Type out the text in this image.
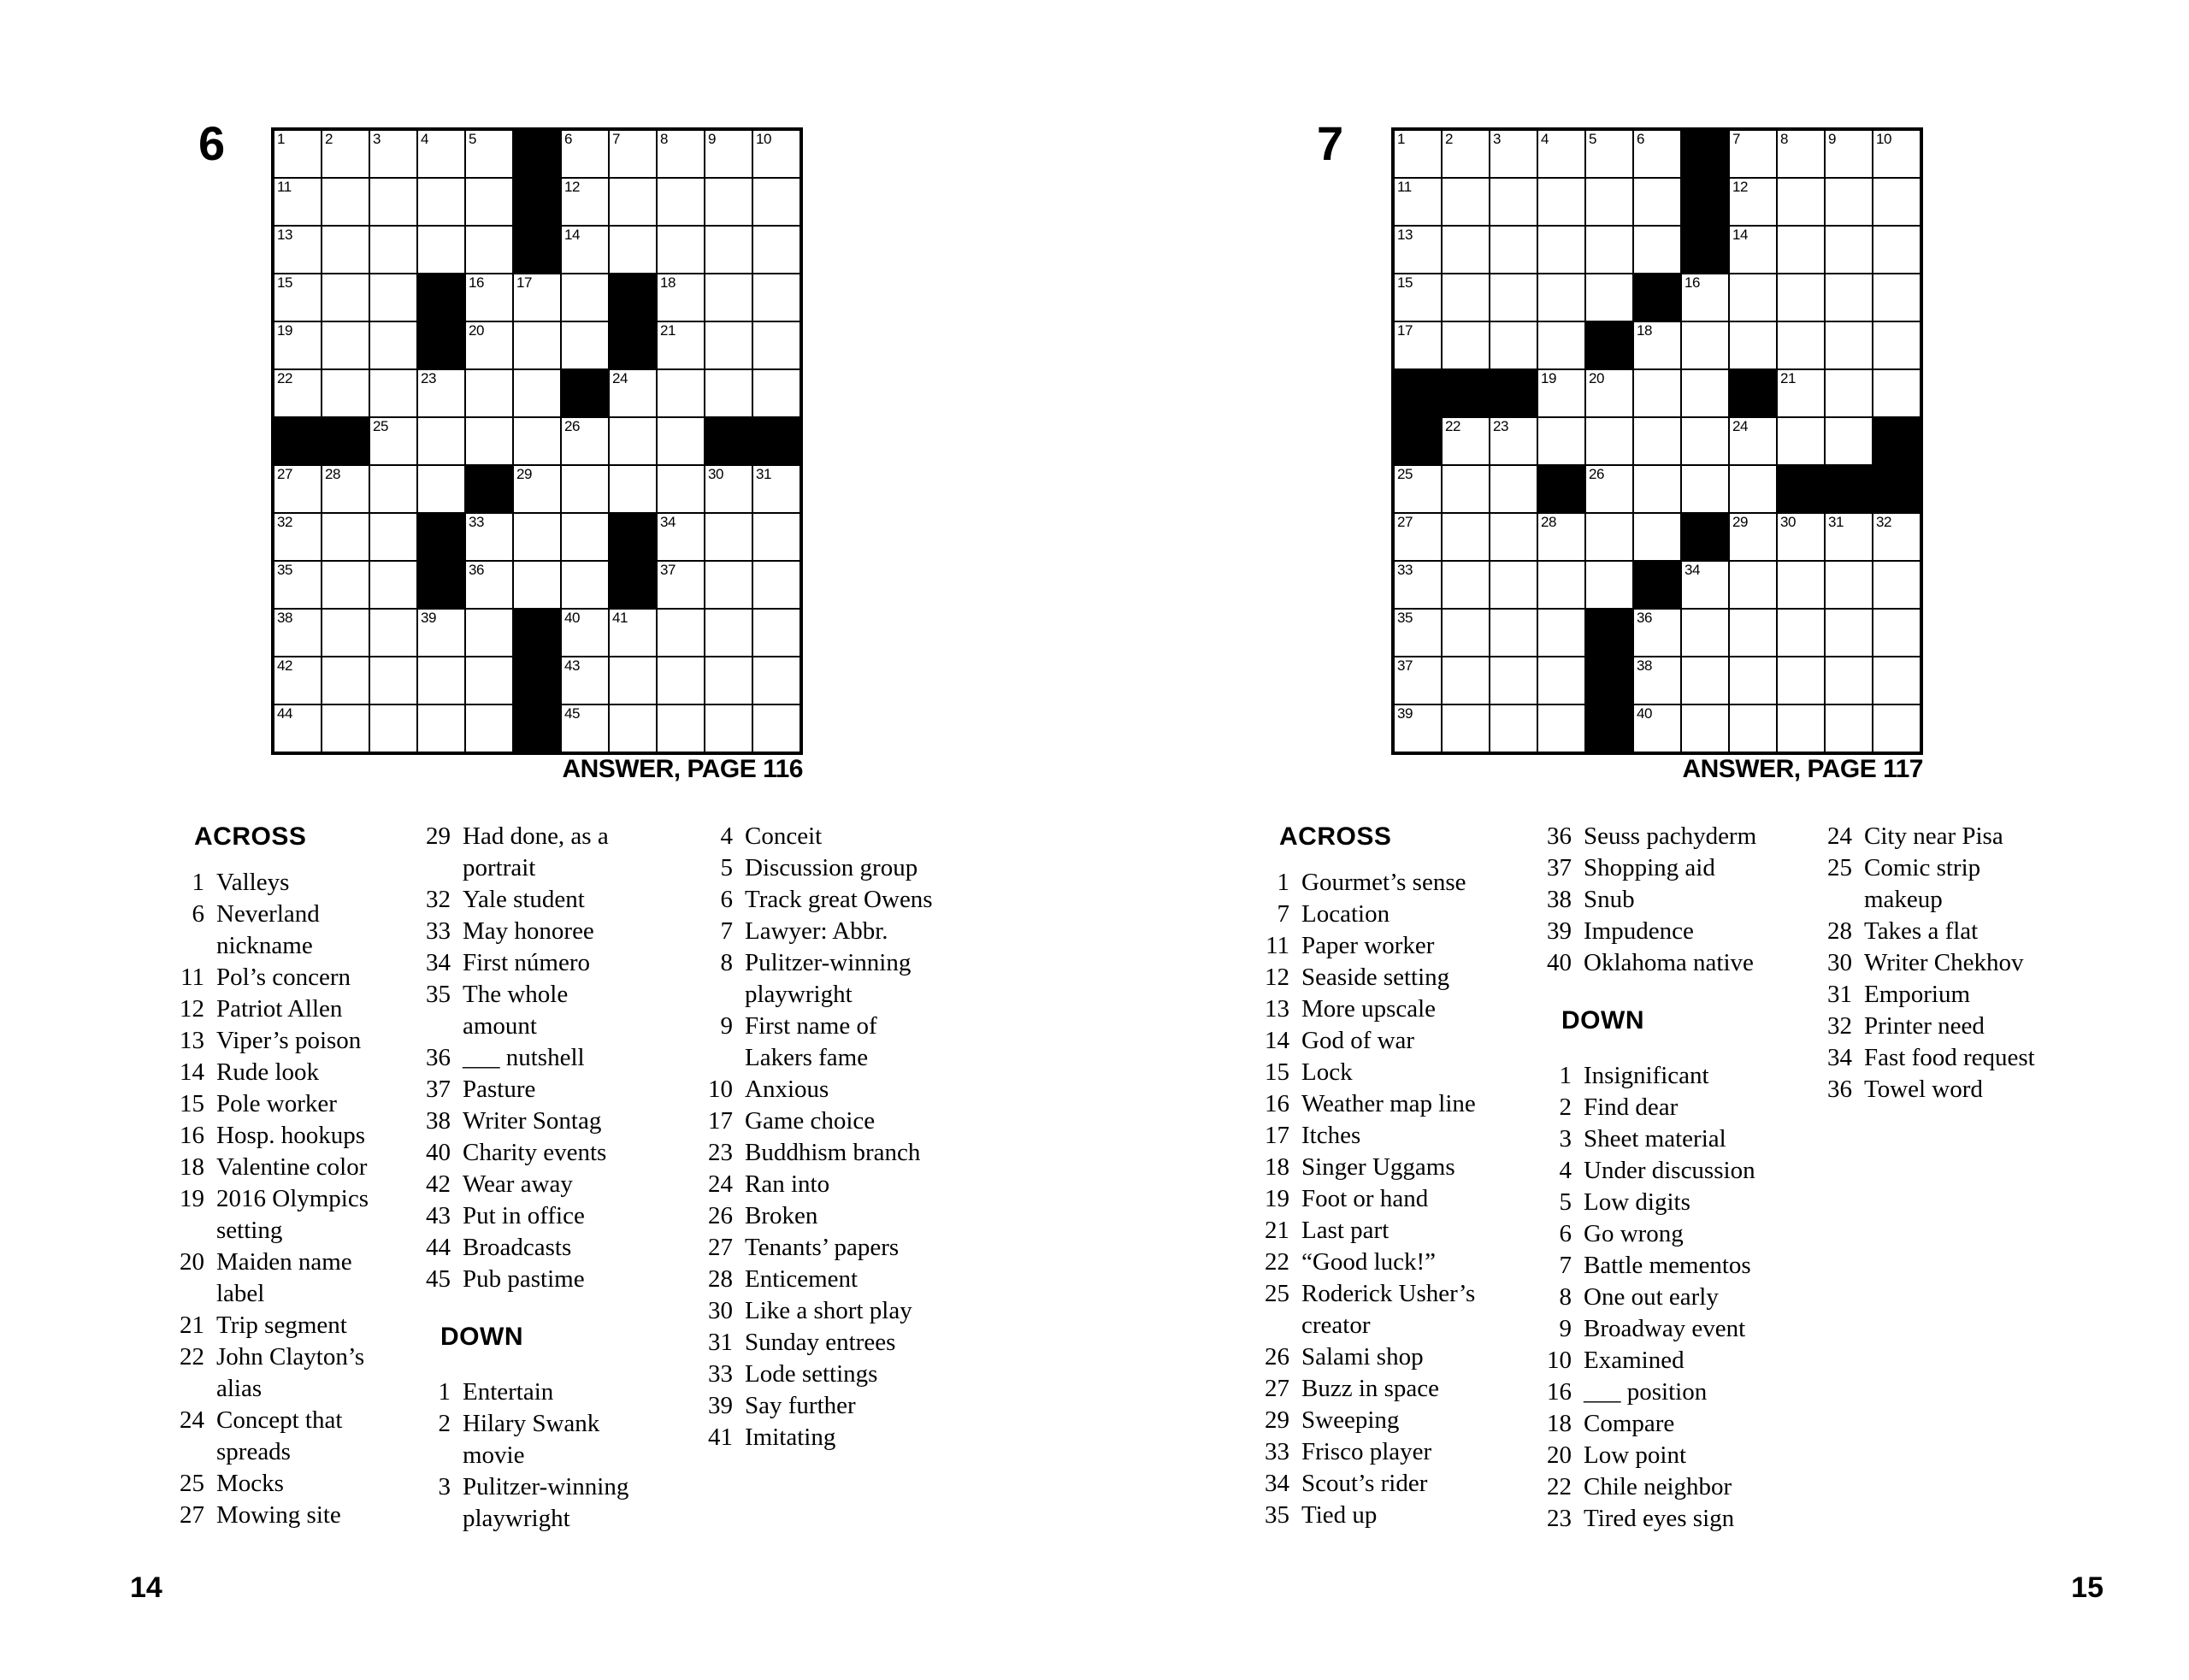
6	1	2	3	4	5	6	7	8	9	10
11	12
13	14
15	16 17	18
19	20	21
22	23	24
25	26
27 28	29	30 31
32	33	34
35	36	37
38	39	40 41
42	43
44	45
ANSWER, PAGE 116
ACROSS
1 Valleys
6 Neverland
nickname
11 Pol’s concern
12 Patriot Allen
13 Viper’s poison
14 Rude look
15 Pole worker
16 Hosp. hookups
18 Valentine color
19 2016 Olympics
setting
20 Maiden name
label
21 Trip segment
22 John Clayton’s
alias
24 Concept that
spreads
25 Mocks
27 Mowing site
29 Had done, as a
portrait
32 Yale student
33 May honoree
34 First número
35 The whole
amount
36 ___ nutshell
37 Pasture
38 Writer Sontag
40 Charity events
42 Wear away
43 Put in office
44 Broadcasts
45 Pub pastime
DOWN
1 Entertain
2 Hilary Swank
movie
3 Pulitzer-winning
playwright
4 Conceit
5 Discussion group
6 Track great Owens
7 Lawyer: Abbr.
8 Pulitzer-winning
playwright
9 First name of
Lakers fame
10 Anxious
17 Game choice
23 Buddhism branch
24 Ran into
26 Broken
27 Tenants’ papers
28 Enticement
30 Like a short play
31 Sunday entrees
33 Lode settings
39 Say further
41 Imitating
14
7	1	2	3	4	5	6	7	8	9	10
11	12
13	14
15	16
17	18
19 20	21
22 23	24
25	26
27	28	29 30 31 32
33	34
35	36
37	38
39	40
ANSWER, PAGE 117
ACROSS
1 Gourmet’s sense
7 Location
11 Paper worker
12 Seaside setting
13 More upscale
14 God of war
15 Lock
16 Weather map line
17 Itches
18 Singer Uggams
19 Foot or hand
21 Last part
22 “Good luck!”
25 Roderick Usher’s
creator
26 Salami shop
27 Buzz in space
29 Sweeping
33 Frisco player
34 Scout’s rider
35 Tied up
36 Seuss pachyderm
37 Shopping aid
38 Snub
39 Impudence
40 Oklahoma native
DOWN
1 Insignificant
2 Find dear
3 Sheet material
4 Under discussion
5 Low digits
6 Go wrong
7 Battle mementos
8 One out early
9 Broadway event
10 Examined
16 ___ position
18 Compare
20 Low point
22 Chile neighbor
23 Tired eyes sign
24 City near Pisa
25 Comic strip
makeup
28 Takes a flat
30 Writer Chekhov
31 Emporium
32 Printer need
34 Fast food request
36 Towel word
15
